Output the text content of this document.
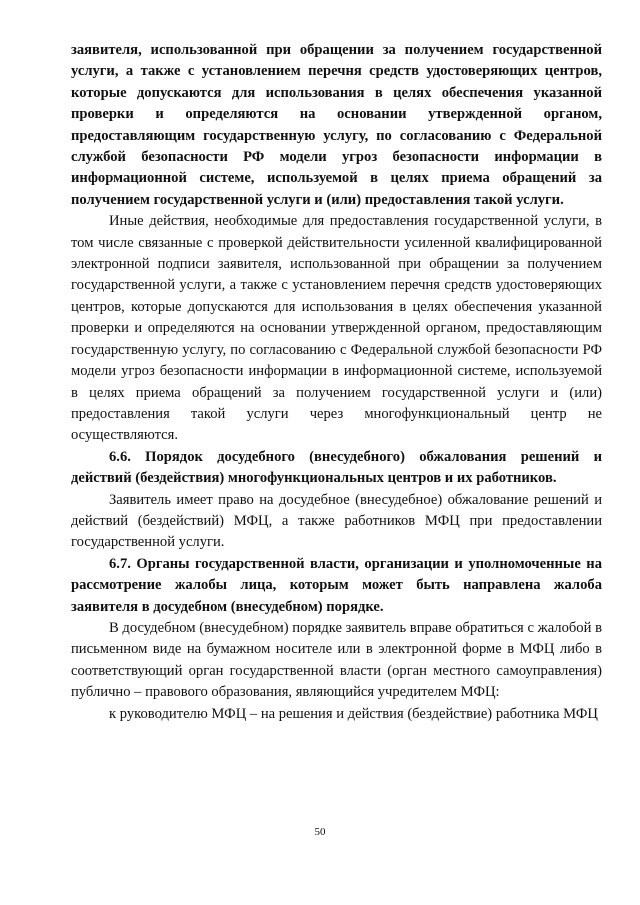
заявителя, использованной при обращении за получением государственной услуги, а также с установлением перечня средств удостоверяющих центров, которые допускаются для использования в целях обеспечения указанной проверки и определяются на основании утвержденной органом, предоставляющим государственную услугу, по согласованию с Федеральной службой безопасности РФ модели угроз безопасности информации в информационной системе, используемой в целях приема обращений за получением государственной услуги и (или) предоставления такой услуги.

Иные действия, необходимые для предоставления государственной услуги, в том числе связанные с проверкой действительности усиленной квалифицированной электронной подписи заявителя, использованной при обращении за получением государственной услуги, а также с установлением перечня средств удостоверяющих центров, которые допускаются для использования в целях обеспечения указанной проверки и определяются на основании утвержденной органом, предоставляющим государственную услугу, по согласованию с Федеральной службой безопасности РФ модели угроз безопасности информации в информационной системе, используемой в целях приема обращений за получением государственной услуги и (или) предоставления такой услуги через многофункциональный центр не осуществляются.

6.6. Порядок досудебного (внесудебного) обжалования решений и действий (бездействия) многофункциональных центров и их работников.

Заявитель имеет право на досудебное (внесудебное) обжалование решений и действий (бездействий) МФЦ, а также работников МФЦ при предоставлении государственной услуги.

6.7. Органы государственной власти, организации и уполномоченные на рассмотрение жалобы лица, которым может быть направлена жалоба заявителя в досудебном (внесудебном) порядке.

В досудебном (внесудебном) порядке заявитель вправе обратиться с жалобой в письменном виде на бумажном носителе или в электронной форме в МФЦ либо в соответствующий орган государственной власти (орган местного самоуправления) публично – правового образования, являющийся учредителем МФЦ:

к руководителю МФЦ – на решения и действия (бездействие) работника МФЦ

50
